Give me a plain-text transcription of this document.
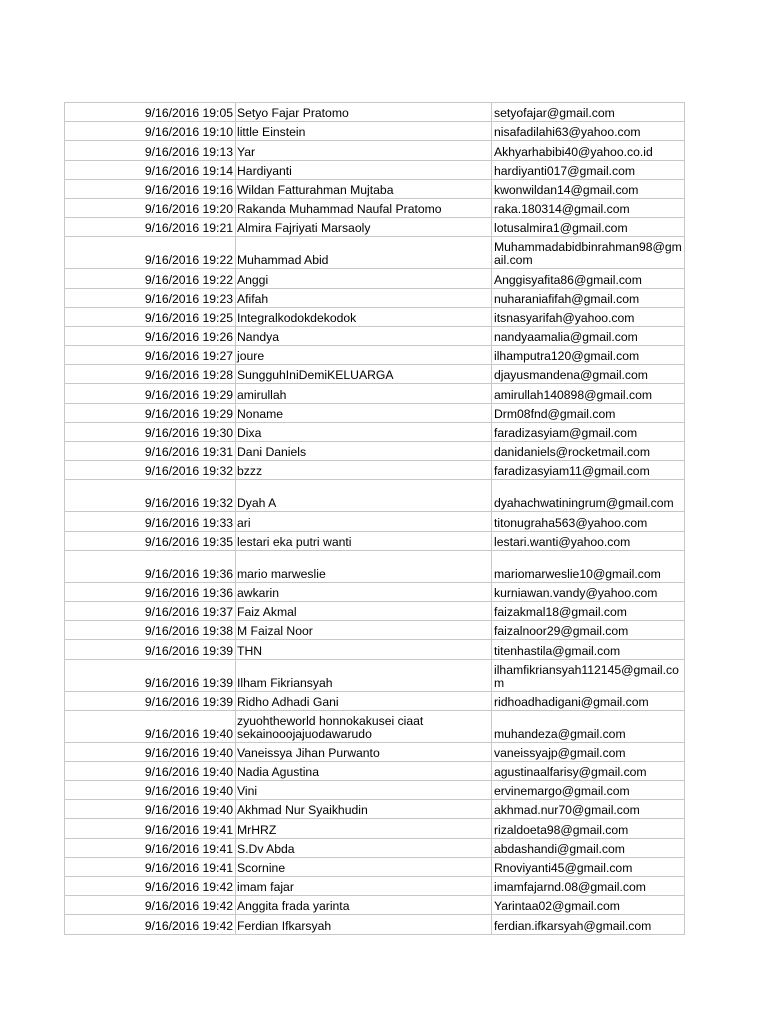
9/16/2016 19:05	Setyo Fajar Pratomo	setyofajar@gmail.com
9/16/2016 19:10	little Einstein	nisafadilahi63@yahoo.com
9/16/2016 19:13	Yar	Akhyarhabibi40@yahoo.co.id
9/16/2016 19:14	Hardiyanti	hardiyanti017@gmail.com
9/16/2016 19:16	Wildan Fatturahman Mujtaba	kwonwildan14@gmail.com
9/16/2016 19:20	Rakanda Muhammad Naufal Pratomo	raka.180314@gmail.com
9/16/2016 19:21	Almira Fajriyati Marsaoly	lotusalmira1@gmail.com
9/16/2016 19:22	Muhammad Abid	Muhammadabidbinrahman98@gmail.com
9/16/2016 19:22	Anggi	Anggisyafita86@gmail.com
9/16/2016 19:23	Afifah	nuharaniafifah@gmail.com
9/16/2016 19:25	Integralkodokdekodok	itsnasyarifah@yahoo.com
9/16/2016 19:26	Nandya	nandyaamalia@gmail.com
9/16/2016 19:27	joure	ilhamputra120@gmail.com
9/16/2016 19:28	SungguhIniDemiKELUARGA	djayusmandena@gmail.com
9/16/2016 19:29	amirullah	amirullah140898@gmail.com
9/16/2016 19:29	Noname	Drm08fnd@gmail.com
9/16/2016 19:30	Dixa	faradizasyiam@gmail.com
9/16/2016 19:31	Dani Daniels	danidaniels@rocketmail.com
9/16/2016 19:32	bzzz	faradizasyiam11@gmail.com
9/16/2016 19:32	Dyah A	dyahachwatiningrum@gmail.com
9/16/2016 19:33	ari	titonugraha563@yahoo.com
9/16/2016 19:35	lestari eka putri wanti	lestari.wanti@yahoo.com
9/16/2016 19:36	mario marweslie	mariomarweslie10@gmail.com
9/16/2016 19:36	awkarin	kurniawan.vandy@yahoo.com
9/16/2016 19:37	Faiz Akmal	faizakmal18@gmail.com
9/16/2016 19:38	M Faizal Noor	faizalnoor29@gmail.com
9/16/2016 19:39	THN	titenhastila@gmail.com
9/16/2016 19:39	Ilham Fikriansyah	ilhamfikriansyah112145@gmail.com
9/16/2016 19:39	Ridho Adhadi Gani	ridhoadhadigani@gmail.com
9/16/2016 19:40	zyuohtheworld honnokakusei ciaat sekainooojajuodawarudo	muhandeza@gmail.com
9/16/2016 19:40	Vaneissya Jihan Purwanto	vaneissyajp@gmail.com
9/16/2016 19:40	Nadia Agustina	agustinaalfarisy@gmail.com
9/16/2016 19:40	Vini	ervinemargo@gmail.com
9/16/2016 19:40	Akhmad Nur Syaikhudin	akhmad.nur70@gmail.com
9/16/2016 19:41	MrHRZ	rizaldoeta98@gmail.com
9/16/2016 19:41	S.Dv Abda	abdashandi@gmail.com
9/16/2016 19:41	Scornine	Rnoviyanti45@gmail.com
9/16/2016 19:42	imam fajar	imamfajarnd.08@gmail.com
9/16/2016 19:42	Anggita frada yarinta	Yarintaa02@gmail.com
9/16/2016 19:42	Ferdian Ifkarsyah	ferdian.ifkarsyah@gmail.com
